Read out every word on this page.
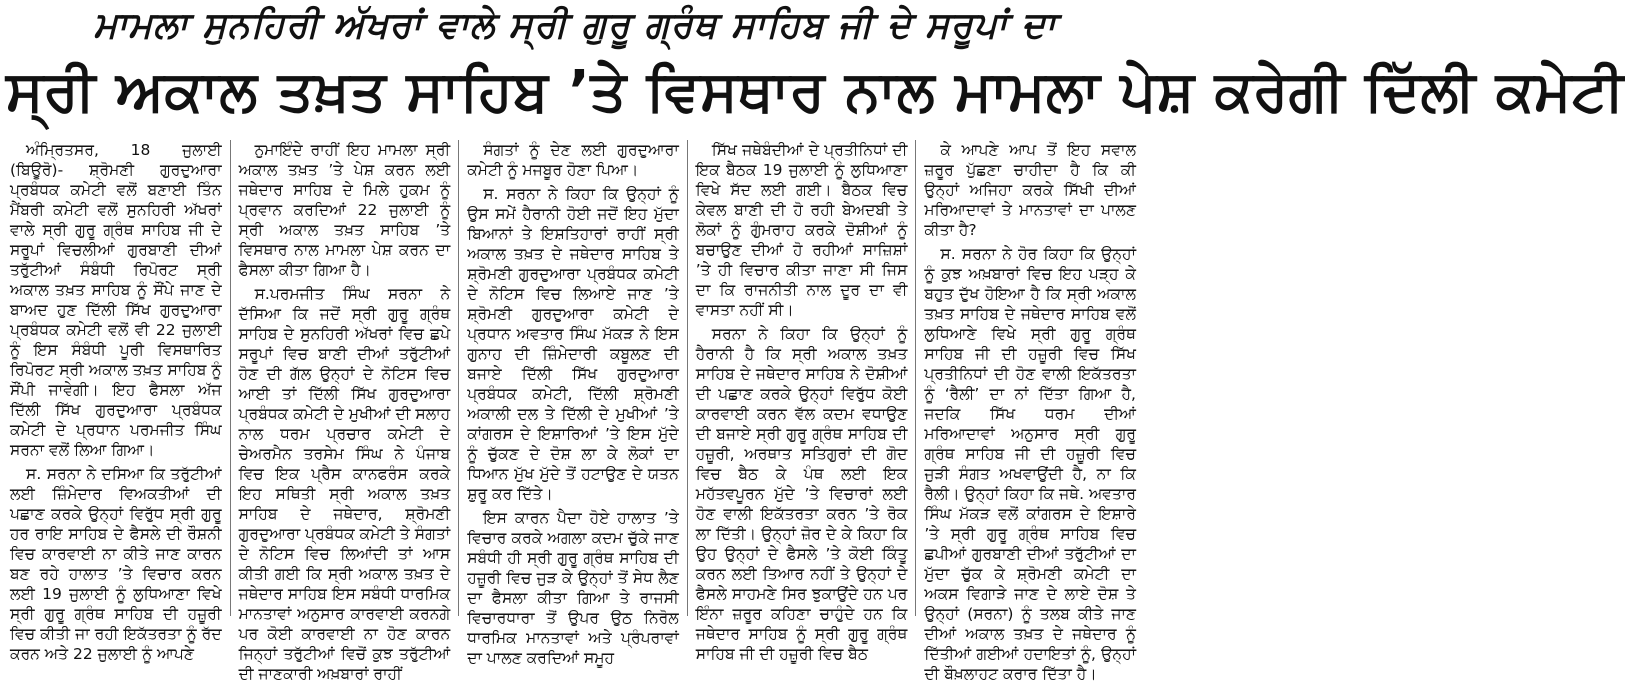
ਮਾਮਲਾ ਸੁਨਹਿਰੀ ਅੱਖਰਾਂ ਵਾਲੇ ਸ੍ਰੀ ਗੁਰੂ ਗ੍ਰੰਥ ਸਾਹਿਬ ਜੀ ਦੇ ਸਰੂਪਾਂ ਦਾ
ਸ੍ਰੀ ਅਕਾਲ ਤਖ਼ਤ ਸਾਹਿਬ ’ਤੇ ਵਿਸਥਾਰ ਨਾਲ ਮਾਮਲਾ ਪੇਸ਼ ਕਰੇਗੀ ਦਿੱਲੀ ਕਮੇਟੀ

ਅੰਮ੍ਰਿਤਸਰ, 18 ਜੁਲਾਈ (ਬਿਊਰੋ)- ਸ਼੍ਰੋਮਣੀ ਗੁਰਦੁਆਰਾ ਪ੍ਰਬੰਧਕ ਕਮੇਟੀ ਵਲੋਂ ਬਣਾਈ ਤਿੰਨ ਮੈਂਬਰੀ ਕਮੇਟੀ ਵਲੋਂ ਸੁਨਹਿਰੀ ਅੱਖਰਾਂ ਵਾਲੇ ਸ੍ਰੀ ਗੁਰੂ ਗ੍ਰੰਥ ਸਾਹਿਬ ਜੀ ਦੇ ਸਰੂਪਾਂ ਵਿਚਲੀਆਂ ਗੁਰਬਾਣੀ ਦੀਆਂ ਤਰੁੱਟੀਆਂ ਸੰਬੰਧੀ ਰਿਪੋਰਟ ਸ੍ਰੀ ਅਕਾਲ ਤਖ਼ਤ ਸਾਹਿਬ ਨੂੰ ਸੌਂਪੇ ਜਾਣ ਦੇ ਬਾਅਦ ਹੁਣ ਦਿੱਲੀ ਸਿੱਖ ਗੁਰਦੁਆਰਾ ਪ੍ਰਬੰਧਕ ਕਮੇਟੀ ਵਲੋਂ ਵੀ 22 ਜੁਲਾਈ ਨੂੰ ਇਸ ਸੰਬੰਧੀ ਪੂਰੀ ਵਿਸਥਾਰਿਤ ਰਿਪੋਰਟ ਸ੍ਰੀ ਅਕਾਲ ਤਖ਼ਤ ਸਾਹਿਬ ਨੂੰ ਸੌਂਪੀ ਜਾਵੇਗੀ। ਇਹ ਫੈਸਲਾ ਅੱਜ ਦਿੱਲੀ ਸਿੱਖ ਗੁਰਦੁਆਰਾ ਪ੍ਰਬੰਧਕ ਕਮੇਟੀ ਦੇ ਪ੍ਰਧਾਨ ਪਰਮਜੀਤ ਸਿੰਘ ਸਰਨਾ ਵਲੋਂ ਲਿਆ ਗਿਆ।

ਸ. ਸਰਨਾ ਨੇ ਦਸਿਆ ਕਿ ਤਰੁੱਟੀਆਂ ਲਈ ਜ਼ਿੰਮੇਦਾਰ ਵਿਅਕਤੀਆਂ ਦੀ ਪਛਾਣ ਕਰਕੇ ਉਨ੍ਹਾਂ ਵਿਰੁੱਧ ਸ੍ਰੀ ਗੁਰੂ ਹਰ ਰਾਇ ਸਾਹਿਬ ਦੇ ਫੈਸਲੇ ਦੀ ਰੌਸ਼ਨੀ ਵਿਚ ਕਾਰਵਾਈ ਨਾ ਕੀਤੇ ਜਾਣ ਕਾਰਨ ਬਣ ਰਹੇ ਹਾਲਾਤ ’ਤੇ ਵਿਚਾਰ ਕਰਨ ਲਈ 19 ਜੁਲਾਈ ਨੂੰ ਲੁਧਿਆਣਾ ਵਿਖੇ ਸ੍ਰੀ ਗੁਰੂ ਗ੍ਰੰਥ ਸਾਹਿਬ ਦੀ ਹਜ਼ੂਰੀ ਵਿਚ ਕੀਤੀ ਜਾ ਰਹੀ ਇਕੱਤਰਤਾ ਨੂੰ ਰੱਦ ਕਰਨ ਅਤੇ 22 ਜੁਲਾਈ ਨੂੰ ਆਪਣੇ

ਨੁਮਾਇੰਦੇ ਰਾਹੀਂ ਇਹ ਮਾਮਲਾ ਸ੍ਰੀ ਅਕਾਲ ਤਖ਼ਤ ’ਤੇ ਪੇਸ਼ ਕਰਨ ਲਈ ਜਥੇਦਾਰ ਸਾਹਿਬ ਦੇ ਮਿਲੇ ਹੁਕਮ ਨੂੰ ਪ੍ਰਵਾਨ ਕਰਦਿਆਂ 22 ਜੁਲਾਈ ਨੂੰ ਸ੍ਰੀ ਅਕਾਲ ਤਖ਼ਤ ਸਾਹਿਬ ’ਤੇ ਵਿਸਥਾਰ ਨਾਲ ਮਾਮਲਾ ਪੇਸ਼ ਕਰਨ ਦਾ ਫੈਸਲਾ ਕੀਤਾ ਗਿਆ ਹੈ।

ਸ.ਪਰਮਜੀਤ ਸਿੰਘ ਸਰਨਾ ਨੇ ਦੱਸਿਆ ਕਿ ਜਦੋਂ ਸ੍ਰੀ ਗੁਰੂ ਗ੍ਰੰਥ ਸਾਹਿਬ ਦੇ ਸੁਨਹਿਰੀ ਅੱਖਰਾਂ ਵਿਚ ਛਪੇ ਸਰੂਪਾਂ ਵਿਚ ਬਾਣੀ ਦੀਆਂ ਤਰੁੱਟੀਆਂ ਹੋਣ ਦੀ ਗੱਲ ਉਨ੍ਹਾਂ ਦੇ ਨੋਟਿਸ ਵਿਚ ਆਈ ਤਾਂ ਦਿੱਲੀ ਸਿੱਖ ਗੁਰਦੁਆਰਾ ਪ੍ਰਬੰਧਕ ਕਮੇਟੀ ਦੇ ਮੁਖੀਆਂ ਦੀ ਸਲਾਹ ਨਾਲ ਧਰਮ ਪ੍ਰਚਾਰ ਕਮੇਟੀ ਦੇ ਚੇਅਰਮੈਨ ਤਰਸੇਮ ਸਿੰਘ ਨੇ ਪੰਜਾਬ ਵਿਚ ਇਕ ਪ੍ਰੈਸ ਕਾਨਫਰੰਸ ਕਰਕੇ ਇਹ ਸਥਿਤੀ ਸ੍ਰੀ ਅਕਾਲ ਤਖ਼ਤ ਸਾਹਿਬ ਦੇ ਜਥੇਦਾਰ, ਸ਼੍ਰੋਮਣੀ ਗੁਰਦੁਆਰਾ ਪ੍ਰਬੰਧਕ ਕਮੇਟੀ ਤੇ ਸੰਗਤਾਂ ਦੇ ਨੋਟਿਸ ਵਿਚ ਲਿਆਂਦੀ ਤਾਂ ਆਸ ਕੀਤੀ ਗਈ ਕਿ ਸ੍ਰੀ ਅਕਾਲ ਤਖ਼ਤ ਦੇ ਜਥੇਦਾਰ ਸਾਹਿਬ ਇਸ ਸਬੰਧੀ ਧਾਰਮਿਕ ਮਾਨਤਾਵਾਂ ਅਨੁਸਾਰ ਕਾਰਵਾਈ ਕਰਨਗੇ ਪਰ ਕੋਈ ਕਾਰਵਾਈ ਨਾ ਹੋਣ ਕਾਰਨ ਜਿਨ੍ਹਾਂ ਤਰੁੱਟੀਆਂ ਵਿਚੋਂ ਕੁਝ ਤਰੁੱਟੀਆਂ ਦੀ ਜਾਣਕਾਰੀ ਅਖ਼ਬਾਰਾਂ ਰਾਹੀਂ

ਸੰਗਤਾਂ ਨੂੰ ਦੇਣ ਲਈ ਗੁਰਦੁਆਰਾ ਕਮੇਟੀ ਨੂੰ ਮਜਬੂਰ ਹੋਣਾ ਪਿਆ।

ਸ. ਸਰਨਾ ਨੇ ਕਿਹਾ ਕਿ ਉਨ੍ਹਾਂ ਨੂੰ ਉਸ ਸਮੇਂ ਹੈਰਾਨੀ ਹੋਈ ਜਦੋਂ ਇਹ ਮੁੱਦਾ ਬਿਆਨਾਂ ਤੇ ਇਸ਼ਤਿਹਾਰਾਂ ਰਾਹੀਂ ਸ੍ਰੀ ਅਕਾਲ ਤਖ਼ਤ ਦੇ ਜਥੇਦਾਰ ਸਾਹਿਬ ਤੇ ਸ਼੍ਰੋਮਣੀ ਗੁਰਦੁਆਰਾ ਪ੍ਰਬੰਧਕ ਕਮੇਟੀ ਦੇ ਨੋਟਿਸ ਵਿਚ ਲਿਆਏ ਜਾਣ ’ਤੇ ਸ਼੍ਰੋਮਣੀ ਗੁਰਦੁਆਰਾ ਕਮੇਟੀ ਦੇ ਪ੍ਰਧਾਨ ਅਵਤਾਰ ਸਿੰਘ ਮੱਕੜ ਨੇ ਇਸ ਗੁਨਾਹ ਦੀ ਜ਼ਿੰਮੇਦਾਰੀ ਕਬੂਲਣ ਦੀ ਬਜਾਏ ਦਿੱਲੀ ਸਿੱਖ ਗੁਰਦੁਆਰਾ ਪ੍ਰਬੰਧਕ ਕਮੇਟੀ, ਦਿੱਲੀ ਸ਼੍ਰੋਮਣੀ ਅਕਾਲੀ ਦਲ ਤੇ ਦਿੱਲੀ ਦੇ ਮੁਖੀਆਂ ’ਤੇ ਕਾਂਗਰਸ ਦੇ ਇਸ਼ਾਰਿਆਂ ’ਤੇ ਇਸ ਮੁੱਦੇ ਨੂੰ ਚੁੱਕਣ ਦੇ ਦੋਸ਼ ਲਾ ਕੇ ਲੋਕਾਂ ਦਾ ਧਿਆਨ ਮੁੱਖ ਮੁੱਦੇ ਤੋਂ ਹਟਾਉਣ ਦੇ ਯਤਨ ਸ਼ੁਰੂ ਕਰ ਦਿੱਤੇ।

ਇਸ ਕਾਰਨ ਪੈਦਾ ਹੋਏ ਹਾਲਾਤ ’ਤੇ ਵਿਚਾਰ ਕਰਕੇ ਅਗਲਾ ਕਦਮ ਚੁੱਕੇ ਜਾਣ ਸਬੰਧੀ ਹੀ ਸ੍ਰੀ ਗੁਰੂ ਗ੍ਰੰਥ ਸਾਹਿਬ ਦੀ ਹਜ਼ੂਰੀ ਵਿਚ ਜੁੜ ਕੇ ਉਨ੍ਹਾਂ ਤੋਂ ਸੇਧ ਲੈਣ ਦਾ ਫੈਸਲਾ ਕੀਤਾ ਗਿਆ ਤੇ ਰਾਜਸੀ ਵਿਚਾਰਧਾਰਾ ਤੋਂ ਉਪਰ ਉਠ ਨਿਰੋਲ ਧਾਰਮਿਕ ਮਾਨਤਾਵਾਂ ਅਤੇ ਪ੍ਰੰਪਰਾਵਾਂ ਦਾ ਪਾਲਣ ਕਰਦਿਆਂ ਸਮੂਹ

ਸਿੱਖ ਜਥੇਬੰਦੀਆਂ ਦੇ ਪ੍ਰਤੀਨਿਧਾਂ ਦੀ ਇਕ ਬੈਠਕ 19 ਜੁਲਾਈ ਨੂੰ ਲੁਧਿਆਣਾ ਵਿਖੇ ਸੱਦ ਲਈ ਗਈ। ਬੈਠਕ ਵਿਚ ਕੇਵਲ ਬਾਣੀ ਦੀ ਹੋ ਰਹੀ ਬੇਅਦਬੀ ਤੇ ਲੋਕਾਂ ਨੂੰ ਗੁੰਮਰਾਹ ਕਰਕੇ ਦੋਸ਼ੀਆਂ ਨੂੰ ਬਚਾਉਣ ਦੀਆਂ ਹੋ ਰਹੀਆਂ ਸਾਜ਼ਿਸ਼ਾਂ ’ਤੇ ਹੀ ਵਿਚਾਰ ਕੀਤਾ ਜਾਣਾ ਸੀ ਜਿਸ ਦਾ ਕਿ ਰਾਜਨੀਤੀ ਨਾਲ ਦੂਰ ਦਾ ਵੀ ਵਾਸਤਾ ਨਹੀਂ ਸੀ।

ਸਰਨਾ ਨੇ ਕਿਹਾ ਕਿ ਉਨ੍ਹਾਂ ਨੂੰ ਹੈਰਾਨੀ ਹੈ ਕਿ ਸ੍ਰੀ ਅਕਾਲ ਤਖ਼ਤ ਸਾਹਿਬ ਦੇ ਜਥੇਦਾਰ ਸਾਹਿਬ ਨੇ ਦੋਸ਼ੀਆਂ ਦੀ ਪਛਾਣ ਕਰਕੇ ਉਨ੍ਹਾਂ ਵਿਰੁੱਧ ਕੋਈ ਕਾਰਵਾਈ ਕਰਨ ਵੱਲ ਕਦਮ ਵਧਾਉਣ ਦੀ ਬਜਾਏ ਸ੍ਰੀ ਗੁਰੂ ਗ੍ਰੰਥ ਸਾਹਿਬ ਦੀ ਹਜ਼ੂਰੀ, ਅਰਥਾਤ ਸਤਿਗੁਰਾਂ ਦੀ ਗੋਦ ਵਿਚ ਬੈਠ ਕੇ ਪੰਥ ਲਈ ਇਕ ਮਹੱਤਵਪੂਰਨ ਮੁੱਦੇ ’ਤੇ ਵਿਚਾਰਾਂ ਲਈ ਹੋਣ ਵਾਲੀ ਇਕੱਤਰਤਾ ਕਰਨ ’ਤੇ ਰੋਕ ਲਾ ਦਿੱਤੀ। ਉਨ੍ਹਾਂ ਜ਼ੋਰ ਦੇ ਕੇ ਕਿਹਾ ਕਿ ਉਹ ਉਨ੍ਹਾਂ ਦੇ ਫੈਸਲੇ ’ਤੇ ਕੋਈ ਕਿੰਤੂ ਕਰਨ ਲਈ ਤਿਆਰ ਨਹੀਂ ਤੇ ਉਨ੍ਹਾਂ ਦੇ ਫੈਸਲੇ ਸਾਹਮਣੇ ਸਿਰ ਝੁਕਾਉਂਦੇ ਹਨ ਪਰ ਇੰਨਾ ਜ਼ਰੂਰ ਕਹਿਣਾ ਚਾਹੁੰਦੇ ਹਨ ਕਿ ਜਥੇਦਾਰ ਸਾਹਿਬ ਨੂੰ ਸ੍ਰੀ ਗੁਰੂ ਗ੍ਰੰਥ ਸਾਹਿਬ ਜੀ ਦੀ ਹਜ਼ੂਰੀ ਵਿਚ ਬੈਠ

ਕੇ ਆਪਣੇ ਆਪ ਤੋਂ ਇਹ ਸਵਾਲ ਜ਼ਰੂਰ ਪੁੱਛਣਾ ਚਾਹੀਦਾ ਹੈ ਕਿ ਕੀ ਉਨ੍ਹਾਂ ਅਜਿਹਾ ਕਰਕੇ ਸਿੱਖੀ ਦੀਆਂ ਮਰਿਆਦਾਵਾਂ ਤੇ ਮਾਨਤਾਵਾਂ ਦਾ ਪਾਲਣ ਕੀਤਾ ਹੈ?

ਸ. ਸਰਨਾ ਨੇ ਹੋਰ ਕਿਹਾ ਕਿ ਉਨ੍ਹਾਂ ਨੂੰ ਕੁਝ ਅਖ਼ਬਾਰਾਂ ਵਿਚ ਇਹ ਪੜ੍ਹ ਕੇ ਬਹੁਤ ਦੁੱਖ ਹੋਇਆ ਹੈ ਕਿ ਸ੍ਰੀ ਅਕਾਲ ਤਖ਼ਤ ਸਾਹਿਬ ਦੇ ਜਥੇਦਾਰ ਸਾਹਿਬ ਵਲੋਂ ਲੁਧਿਆਣੇ ਵਿਖੇ ਸ੍ਰੀ ਗੁਰੂ ਗ੍ਰੰਥ ਸਾਹਿਬ ਜੀ ਦੀ ਹਜ਼ੂਰੀ ਵਿਚ ਸਿੱਖ ਪ੍ਰਤੀਨਿਧਾਂ ਦੀ ਹੋਣ ਵਾਲੀ ਇਕੱਤਰਤਾ ਨੂੰ ‘ਰੈਲੀ’ ਦਾ ਨਾਂ ਦਿੱਤਾ ਗਿਆ ਹੈ, ਜਦਕਿ ਸਿੱਖ ਧਰਮ ਦੀਆਂ ਮਰਿਆਦਾਵਾਂ ਅਨੁਸਾਰ ਸ੍ਰੀ ਗੁਰੂ ਗ੍ਰੰਥ ਸਾਹਿਬ ਜੀ ਦੀ ਹਜ਼ੂਰੀ ਵਿਚ ਜੁੜੀ ਸੰਗਤ ਅਖਵਾਉਂਦੀ ਹੈ, ਨਾ ਕਿ ਰੈਲੀ। ਉਨ੍ਹਾਂ ਕਿਹਾ ਕਿ ਜਥੇ. ਅਵਤਾਰ ਸਿੰਘ ਮੱਕੜ ਵਲੋਂ ਕਾਂਗਰਸ ਦੇ ਇਸ਼ਾਰੇ ’ਤੇ ਸ੍ਰੀ ਗੁਰੂ ਗ੍ਰੰਥ ਸਾਹਿਬ ਵਿਚ ਛਪੀਆਂ ਗੁਰਬਾਣੀ ਦੀਆਂ ਤਰੁੱਟੀਆਂ ਦਾ ਮੁੱਦਾ ਚੁੱਕ ਕੇ ਸ਼੍ਰੋਮਣੀ ਕਮੇਟੀ ਦਾ ਅਕਸ ਵਿਗਾੜੇ ਜਾਣ ਦੇ ਲਾਏ ਦੋਸ਼ ਤੇ ਉਨ੍ਹਾਂ (ਸਰਨਾ) ਨੂੰ ਤਲਬ ਕੀਤੇ ਜਾਣ ਦੀਆਂ ਅਕਾਲ ਤਖ਼ਤ ਦੇ ਜਥੇਦਾਰ ਨੂੰ ਦਿੱਤੀਆਂ ਗਈਆਂ ਹਦਾਇਤਾਂ ਨੂੰ, ਉਨ੍ਹਾਂ ਦੀ ਬੌਖ਼ਲਾਹਟ ਕਰਾਰ ਦਿੱਤਾ ਹੈ।
